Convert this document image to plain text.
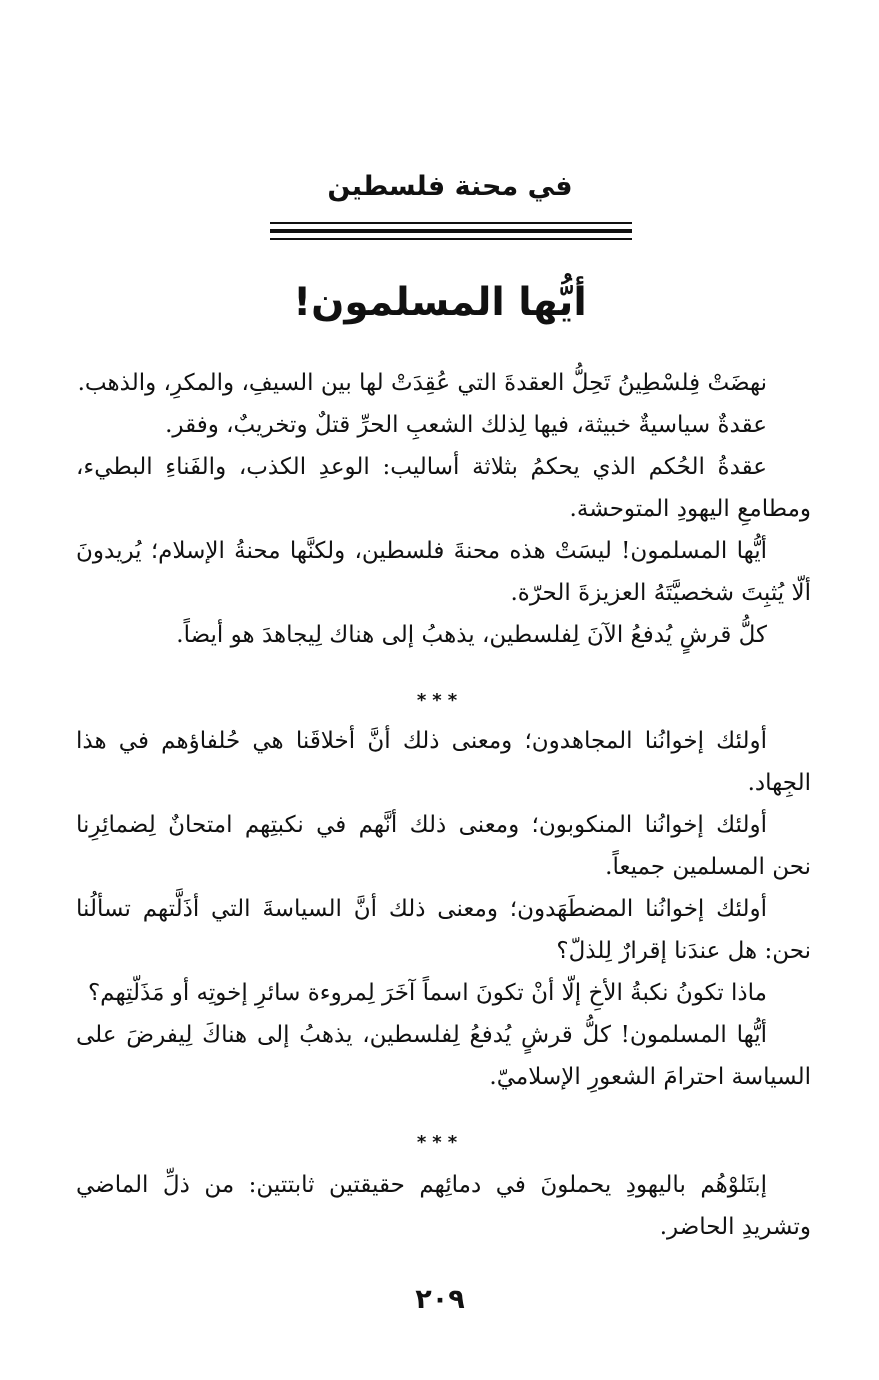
في محنة فلسطين
أيُّها المسلمون!

نهضَتْ فِلسْطِينُ تَحِلُّ العقدةَ التي عُقِدَتْ لها بين السيفِ، والمكرِ، والذهب.

عقدةٌ سياسيةٌ خبيثة، فيها لِذلك الشعبِ الحرِّ قتلٌ وتخريبٌ، وفقر.

عقدةُ الحُكم الذي يحكمُ بثلاثة أساليب: الوعدِ الكذب، والفَناءِ البطيء، ومطامعِ اليهودِ المتوحشة.

أيُّها المسلمون! ليسَتْ هذه محنةَ فلسطين، ولكنَّها محنةُ الإسلام؛ يُريدونَ ألّا يُثبِتَ شخصيَّتَهُ العزيزةَ الحرّة.

كلُّ قرشٍ يُدفعُ الآنَ لِفلسطين، يذهبُ إلى هناك لِيجاهدَ هو أيضاً.

***

أولئك إخوانُنا المجاهدون؛ ومعنى ذلك أنَّ أخلاقَنا هي حُلفاؤهم في هذا الجِهاد.

أولئك إخوانُنا المنكوبون؛ ومعنى ذلك أنَّهم في نكبتِهم امتحانٌ لِضمائِرِنا نحن المسلمين جميعاً.

أولئك إخوانُنا المضطَهَدون؛ ومعنى ذلك أنَّ السياسةَ التي أذَلَّتهم تسألُنا نحن: هل عندَنا إقرارٌ لِلذلّ؟

ماذا تكونُ نكبةُ الأخِ إلّا أنْ تكونَ اسماً آخَرَ لِمروءة سائرِ إخوتِه أو مَذَلّتِهم؟

أيُّها المسلمون! كلُّ قرشٍ يُدفعُ لِفلسطين، يذهبُ إلى هناكَ لِيفرضَ على السياسة احترامَ الشعورِ الإسلاميّ.

***

إبتَلوْهُم باليهودِ يحملونَ في دمائِهم حقيقتين ثابتتين: من ذلِّ الماضي وتشريدِ الحاضر.

٢٠٩
